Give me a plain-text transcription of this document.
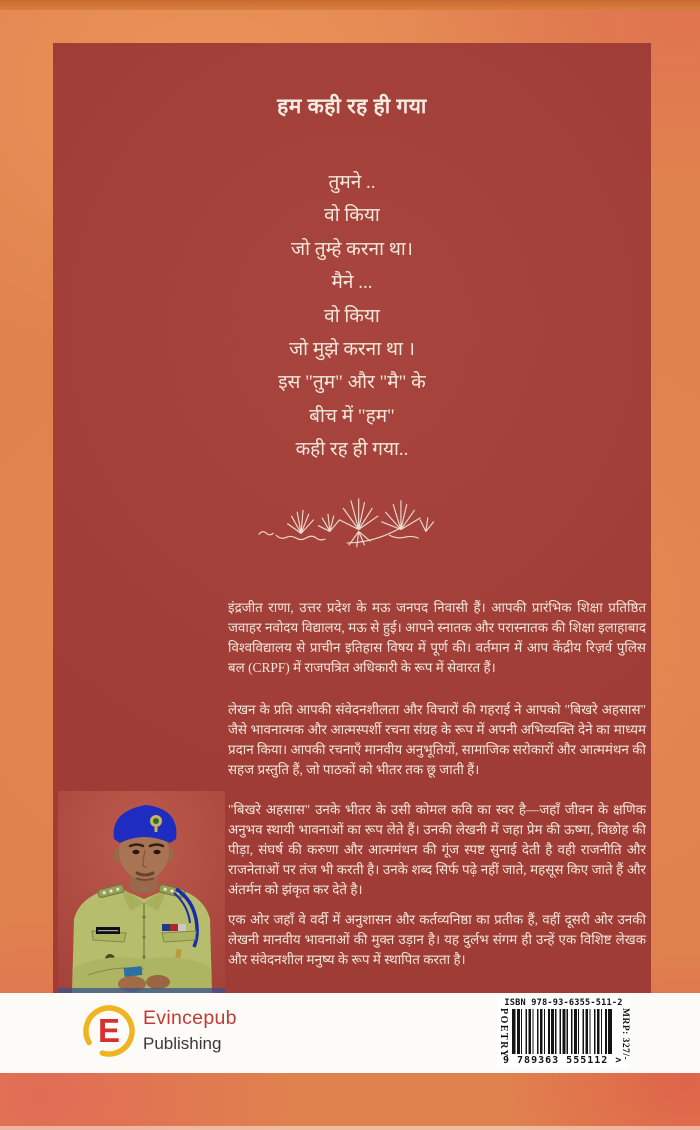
हम कही रह ही गया
तुमने ..
वो किया
जो तुम्हे करना था।
मैने ...
वो किया
जो मुझे करना था ।
इस "तुम" और "मै" के
बीच में "हम"
कही रह ही गया..

इंद्रजीत राणा, उत्तर प्रदेश के मऊ जनपद निवासी हैं। आपकी प्रारंभिक शिक्षा प्रतिष्ठित जवाहर नवोदय विद्यालय, मऊ से हुई। आपने स्नातक और परास्नातक की शिक्षा इलाहाबाद विश्वविद्यालय से प्राचीन इतिहास विषय में पूर्ण की। वर्तमान में आप केंद्रीय रिज़र्व पुलिस बल (CRPF) में राजपत्रित अधिकारी के रूप में सेवारत हैं।

लेखन के प्रति आपकी संवेदनशीलता और विचारों की गहराई ने आपको "बिखरे अहसास" जैसे भावनात्मक और आत्मस्पर्शी रचना संग्रह के रूप में अपनी अभिव्यक्ति देने का माध्यम प्रदान किया। आपकी रचनाएँ मानवीय अनुभूतियों, सामाजिक सरोकारों और आत्ममंथन की सहज प्रस्तुति हैं, जो पाठकों को भीतर तक छू जाती हैं।

"बिखरे अहसास" उनके भीतर के उसी कोमल कवि का स्वर है—जहाँ जीवन के क्षणिक अनुभव स्थायी भावनाओं का रूप लेते हैं। उनकी लेखनी में जहा प्रेम की ऊष्मा, विछोह की पीड़ा, संघर्ष की करुणा और आत्ममंथन की गूंज स्पष्ट सुनाई देती है वही राजनीति और राजनेताओं पर तंज भी करती है। उनके शब्द सिर्फ पढ़े नहीं जाते, महसूस किए जाते हैं और अंतर्मन को झंकृत कर देते है।

एक ओर जहाँ वे वर्दी में अनुशासन और कर्तव्यनिष्ठा का प्रतीक हैं, वहीं दूसरी ओर उनकी लेखनी मानवीय भावनाओं की मुक्त उड़ान है। यह दुर्लभ संगम ही उन्हें एक विशिष्ट लेखक और संवेदनशील मनुष्य के रूप में स्थापित करता है।

E	Evincepub
Publishing
ISBN 978-93-6355-511-2
POETRY	MRP: 327/-
9 789363 555112 >
